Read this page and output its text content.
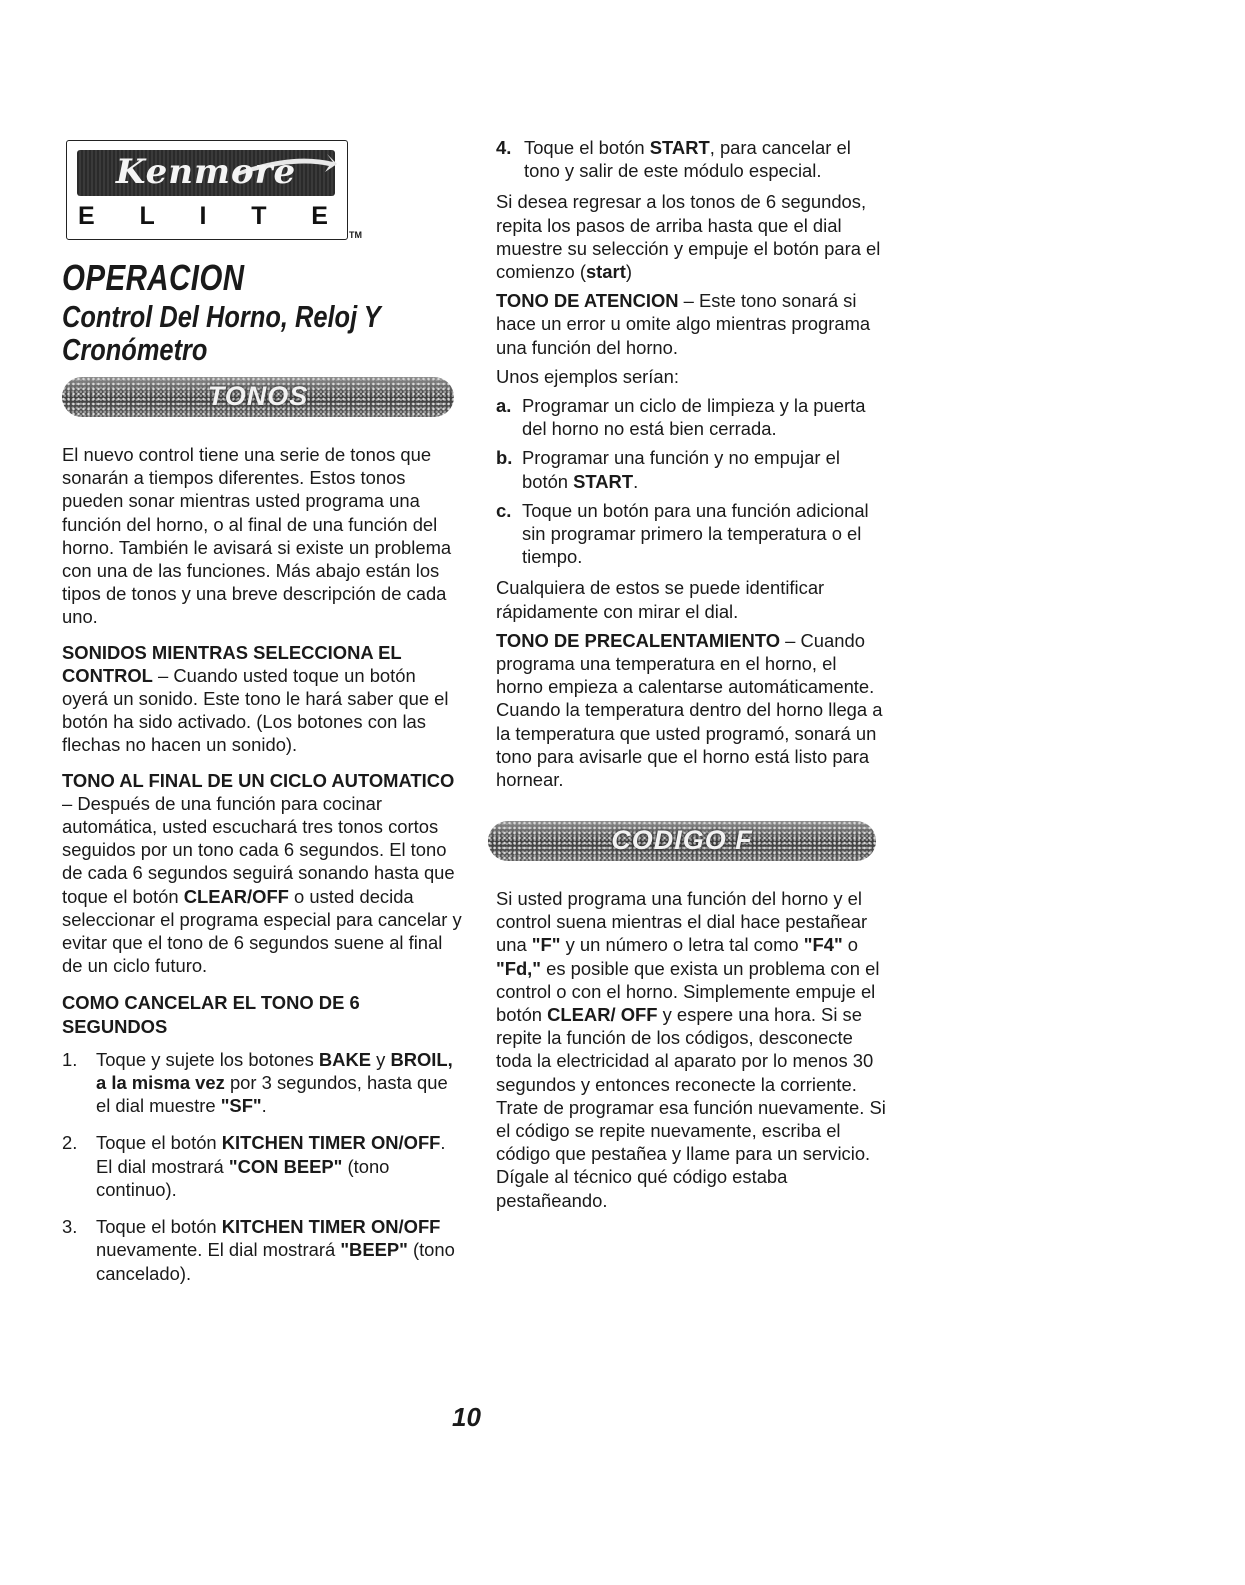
Kenmore
E L I T E
TM
OPERACION
Control Del Horno, Reloj Y Cronómetro
TONOS

El nuevo control tiene una serie de tonos que sonarán a tiempos diferentes. Estos tonos pueden sonar mientras usted programa una función del horno, o al final de una función del horno. También le avisará si existe un problema con una de las funciones. Más abajo están los tipos de tonos y una breve descripción de cada uno.

SONIDOS MIENTRAS SELECCIONA EL CONTROL – Cuando usted toque un botón oyerá un sonido. Este tono le hará saber que el botón ha sido activado. (Los botones con las flechas no hacen un sonido).

TONO AL FINAL DE UN CICLO AUTOMATICO – Después de una función para cocinar automática, usted escuchará tres tonos cortos seguidos por un tono cada 6 segundos. El tono de cada 6 segundos seguirá sonando hasta que toque el botón CLEAR/OFF o usted decida seleccionar el programa especial para cancelar y evitar que el tono de 6 segundos suene al final de un ciclo futuro.

COMO CANCELAR EL TONO DE 6 SEGUNDOS

1. Toque y sujete los botones BAKE y BROIL, a la misma vez por 3 segundos, hasta que el dial muestre "SF".
2. Toque el botón KITCHEN TIMER ON/OFF. El dial mostrará "CON BEEP" (tono continuo).
3. Toque el botón KITCHEN TIMER ON/OFF nuevamente. El dial mostrará "BEEP" (tono cancelado).
4. Toque el botón START, para cancelar el tono y salir de este módulo especial.

Si desea regresar a los tonos de 6 segundos, repita los pasos de arriba hasta que el dial muestre su selección y empuje el botón para el comienzo (start)

TONO DE ATENCION – Este tono sonará si hace un error u omite algo mientras programa una función del horno.

Unos ejemplos serían:

a. Programar un ciclo de limpieza y la puerta del horno no está bien cerrada.
b. Programar una función y no empujar el botón START.
c. Toque un botón para una función adicional sin programar primero la temperatura o el tiempo.

Cualquiera de estos se puede identificar rápidamente con mirar el dial.

TONO DE PRECALENTAMIENTO – Cuando programa una temperatura en el horno, el horno empieza a calentarse automáticamente. Cuando la temperatura dentro del horno llega a la temperatura que usted programó, sonará un tono para avisarle que el horno está listo para hornear.

CODIGO F

Si usted programa una función del horno y el control suena mientras el dial hace pestañear una "F" y un número o letra tal como "F4" o "Fd," es posible que exista un problema con el control o con el horno. Simplemente empuje el botón CLEAR/ OFF y espere una hora. Si se repite la función de los códigos, desconecte toda la electricidad al aparato por lo menos 30 segundos y entonces reconecte la corriente. Trate de programar esa función nuevamente. Si el código se repite nuevamente, escriba el código que pestañea y llame para un servicio. Dígale al técnico qué código estaba pestañeando.

10
